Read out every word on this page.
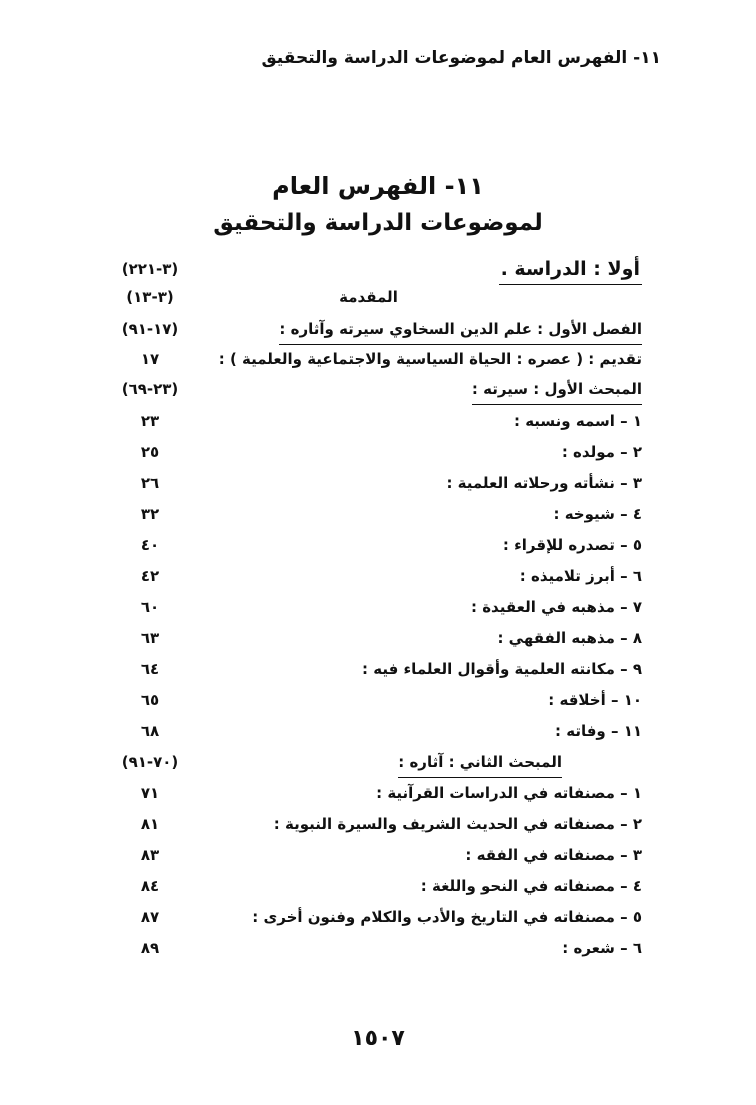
١١- الفهرس العام لموضوعات الدراسة والتحقيق
١١- الفهرس العام
لموضوعات الدراسة والتحقيق
أولا : الدراسة .
(٣-٢٢١)
المقدمة
(٣-١٣)
الفصل الأول : علم الدين السخاوي سيرته وآثاره :
(١٧-٩١)
تقديم : ( عصره : الحياة السياسية والاجتماعية والعلمية ) :
١٧
المبحث الأول : سيرته :
(٢٣-٦٩)
١ – اسمه ونسبه :
٢٣
٢ – مولده :
٢٥
٣ – نشأته ورحلاته العلمية :
٢٦
٤ – شيوخه :
٣٢
٥ – تصدره للإقراء :
٤٠
٦ – أبرز تلاميذه :
٤٢
٧ – مذهبه في العقيدة :
٦٠
٨ – مذهبه الفقهي :
٦٣
٩ – مكانته العلمية وأقوال العلماء فيه :
٦٤
١٠ – أخلاقه :
٦٥
١١ – وفاته :
٦٨
المبحث الثاني : آثاره :
(٧٠-٩١)
١ – مصنفاته في الدراسات القرآنية :
٧١
٢ – مصنفاته في الحديث الشريف والسيرة النبوية :
٨١
٣ – مصنفاته في الفقه :
٨٣
٤ – مصنفاته في النحو واللغة :
٨٤
٥ – مصنفاته في التاريخ والأدب والكلام وفنون أخرى :
٨٧
٦ – شعره :
٨٩
١٥٠٧
